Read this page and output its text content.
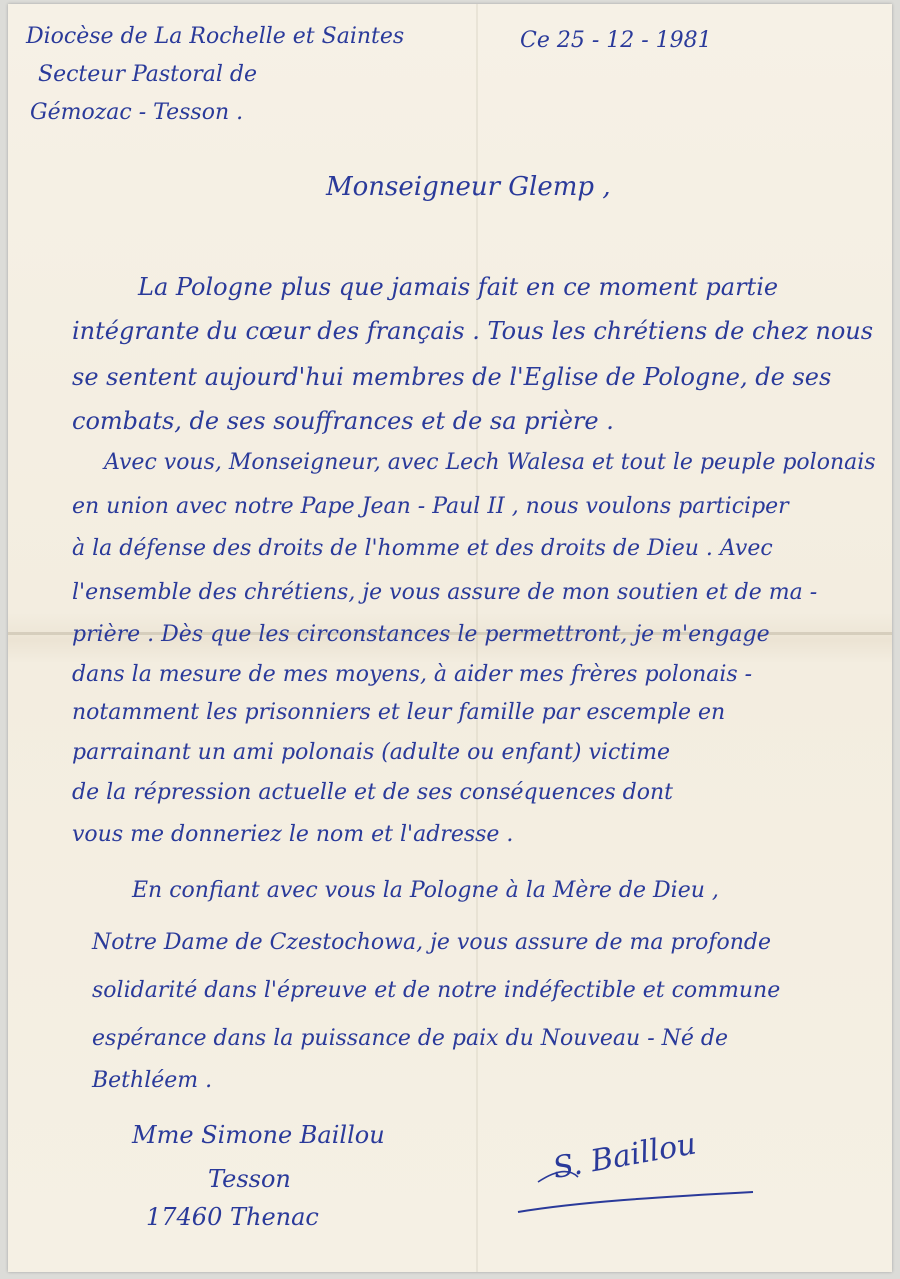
Diocèse de La Rochelle et Saintes
Secteur Pastoral de
Gémozac - Tesson .
Ce 25 - 12 - 1981
Monseigneur Glemp ,
La Pologne plus que jamais fait en ce moment partie
intégrante du cœur des français . Tous les chrétiens de chez nous
se sentent aujourd'hui membres de l'Eglise de Pologne, de ses
combats, de ses souffrances et de sa prière .
Avec vous, Monseigneur, avec Lech Walesa et tout le peuple polonais
en union avec notre Pape Jean - Paul II , nous voulons participer
à la défense des droits de l'homme et des droits de Dieu . Avec
l'ensemble des chrétiens, je vous assure de mon soutien et de ma -
prière . Dès que les circonstances le permettront, je m'engage
dans la mesure de mes moyens, à aider mes frères polonais -
notamment les prisonniers et leur famille par escemple en
parrainant un ami polonais (adulte ou enfant) victime
de la répression actuelle et de ses conséquences dont
vous me donneriez le nom et l'adresse .
En confiant avec vous la Pologne à la Mère de Dieu ,
Notre Dame de Czestochowa, je vous assure de ma profonde
solidarité dans l'épreuve et de notre indéfectible et commune
espérance dans la puissance de paix du Nouveau - Né de
Bethléem .
Mme Simone Baillou
Tesson
17460 Thenac
S. Baillou
